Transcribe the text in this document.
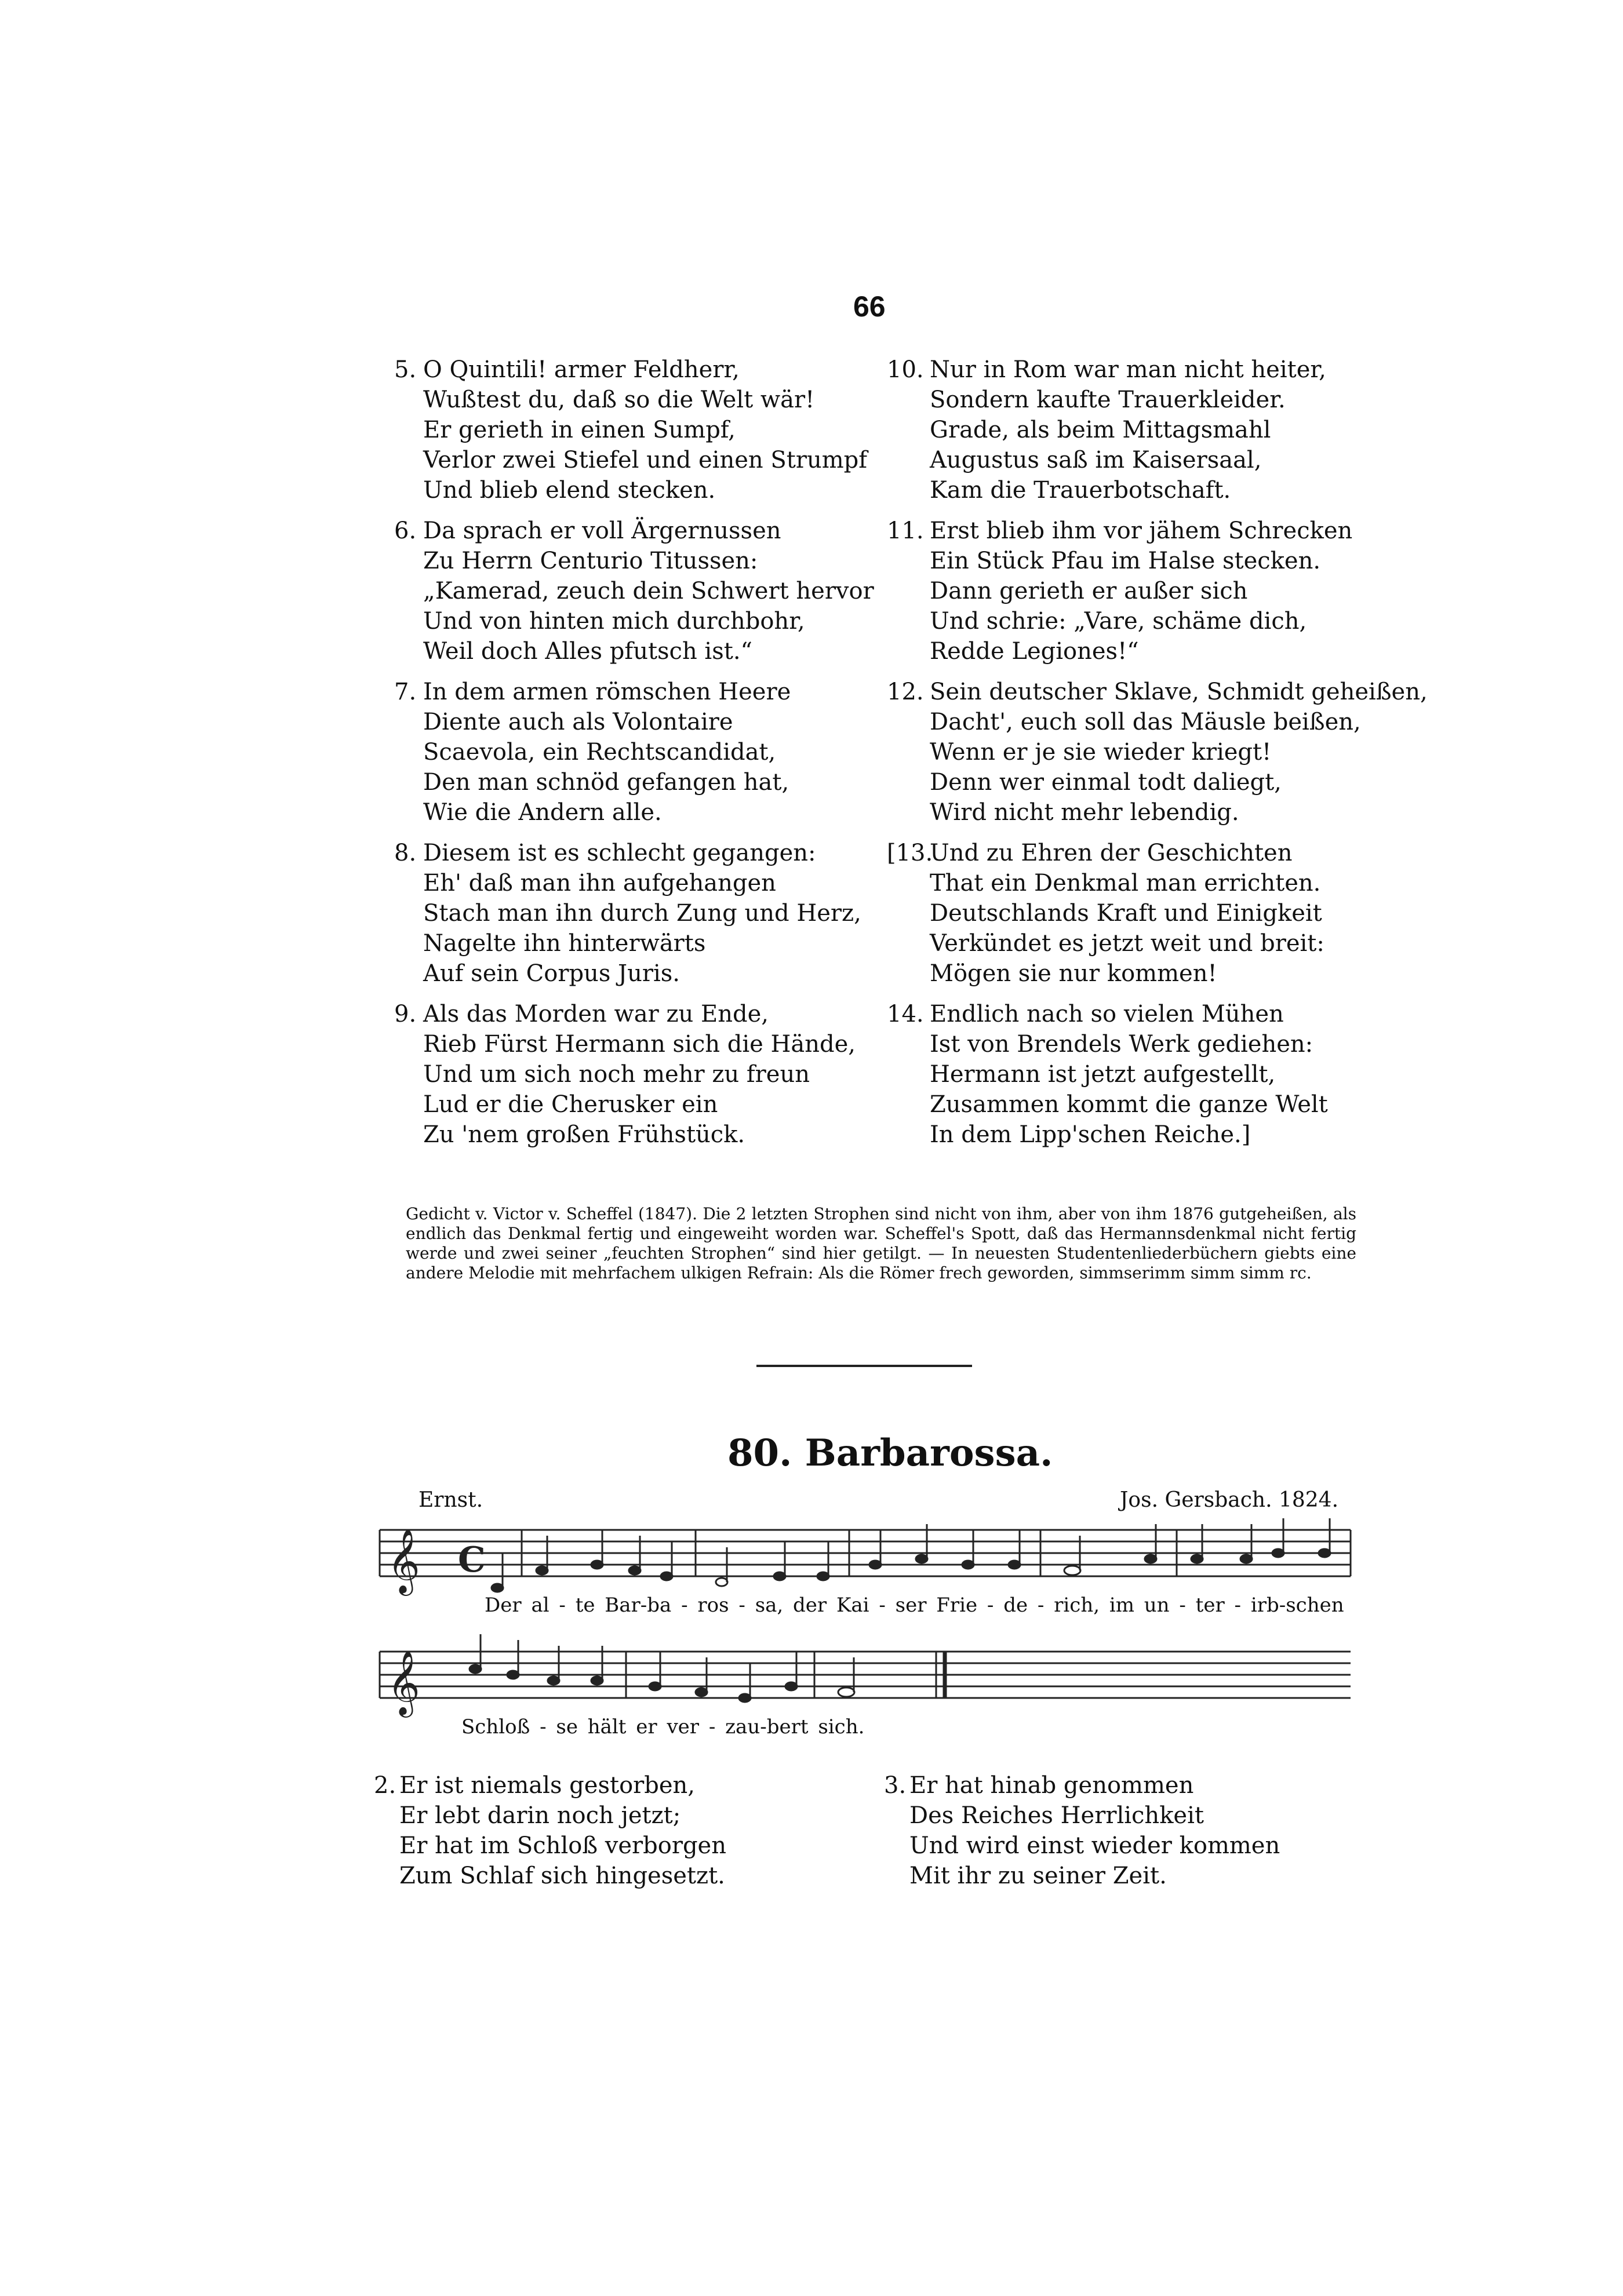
66
5. O Quintili! armer Feldherr,
Wußtest du, daß so die Welt wär!
Er gerieth in einen Sumpf,
Verlor zwei Stiefel und einen Strumpf
Und blieb elend stecken.
6. Da sprach er voll Ärgernussen
Zu Herrn Centurio Titussen:
„Kamerad, zeuch dein Schwert hervor
Und von hinten mich durchbohr,
Weil doch Alles pfutsch ist.“
7. In dem armen römschen Heere
Diente auch als Volontaire
Scaevola, ein Rechtscandidat,
Den man schnöd gefangen hat,
Wie die Andern alle.
8. Diesem ist es schlecht gegangen:
Eh' daß man ihn aufgehangen
Stach man ihn durch Zung und Herz,
Nagelte ihn hinterwärts
Auf sein Corpus Juris.
9. Als das Morden war zu Ende,
Rieb Fürst Hermann sich die Hände,
Und um sich noch mehr zu freun
Lud er die Cherusker ein
Zu 'nem großen Frühstück.
10. Nur in Rom war man nicht heiter,
Sondern kaufte Trauerkleider.
Grade, als beim Mittagsmahl
Augustus saß im Kaisersaal,
Kam die Trauerbotschaft.
11. Erst blieb ihm vor jähem Schrecken
Ein Stück Pfau im Halse stecken.
Dann gerieth er außer sich
Und schrie: „Vare, schäme dich,
Redde Legiones!“
12. Sein deutscher Sklave, Schmidt geheißen,
Dacht', euch soll das Mäusle beißen,
Wenn er je sie wieder kriegt!
Denn wer einmal todt daliegt,
Wird nicht mehr lebendig.
[13.
Und zu Ehren der Geschichten
That ein Denkmal man errichten.
Deutschlands Kraft und Einigkeit
Verkündet es jetzt weit und breit:
Mögen sie nur kommen!
14. Endlich nach so vielen Mühen
Ist von Brendels Werk gediehen:
Hermann ist jetzt aufgestellt,
Zusammen kommt die ganze Welt
In dem Lipp'schen Reiche.]
Gedicht v. Victor v. Scheffel (1847). Die 2 letzten Strophen sind nicht von ihm, aber von ihm 1876 gutgeheißen, als endlich das Denkmal fertig und eingeweiht worden war. Scheffel's Spott, daß das Hermannsdenkmal nicht fertig werde und zwei seiner „feuchten Strophen“ sind hier getilgt. — In neuesten Studentenliederbüchern giebts eine andere Melodie mit mehrfachem ulkigen Refrain: Als die Römer frech geworden, simmserimm simm simm rc.
80. Barbarossa.
Ernst.	Jos. Gersbach. 1824.
𝄞 C
𝄞
Der al - te Bar-ba - ros - sa, der Kai - ser Frie - de - rich, im un - ter - irb-schen
Schloß - se hält er ver - zau-bert sich.
2. Er ist niemals gestorben,
Er lebt darin noch jetzt;
Er hat im Schloß verborgen
Zum Schlaf sich hingesetzt.
3. Er hat hinab genommen
Des Reiches Herrlichkeit
Und wird einst wieder kommen
Mit ihr zu seiner Zeit.
